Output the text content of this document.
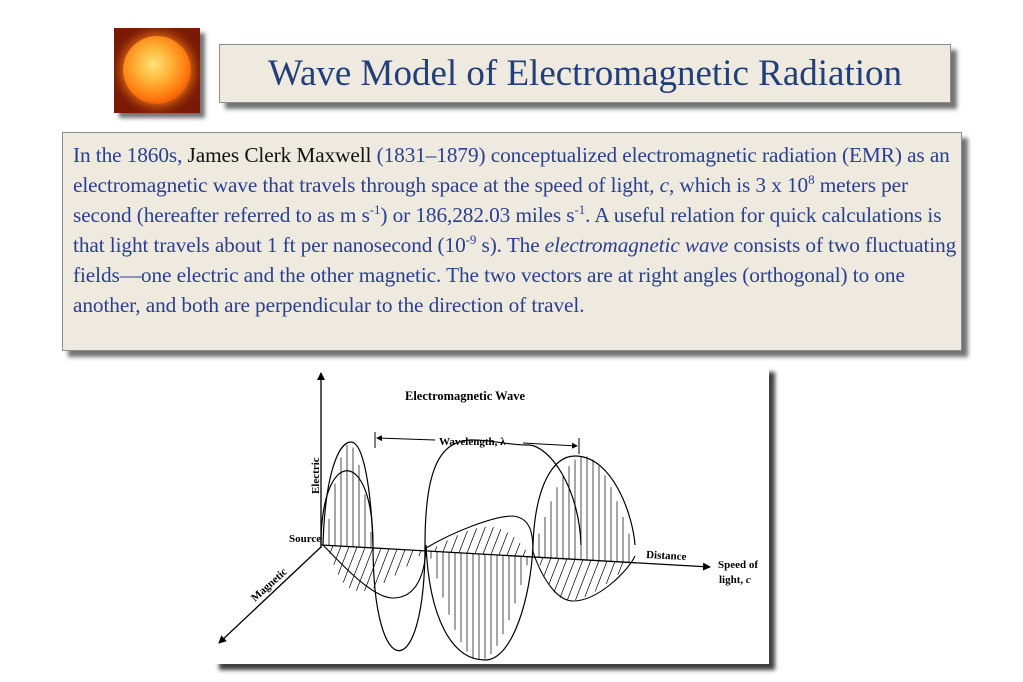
Wave Model of Electromagnetic Radiation

In the 1860s, James Clerk Maxwell (1831–1879) conceptualized electromagnetic radiation (EMR) as an electromagnetic wave that travels through space at the speed of light, c, which is 3 x $10^8$ meters per second (hereafter referred to as m $s^{-1}$) or 186,282.03 miles $s^{-1}$. A useful relation for quick calculations is that light travels about 1 ft per nanosecond ($10^{-9}$ s). The electromagnetic wave consists of two fluctuating fields—one electric and the other magnetic. The two vectors are at right angles (orthogonal) to one another, and both are perpendicular to the direction of travel.

Electromagnetic Wave
Wavelength, λ
Electric
Source
Magnetic
Distance
Speed of
light, c
